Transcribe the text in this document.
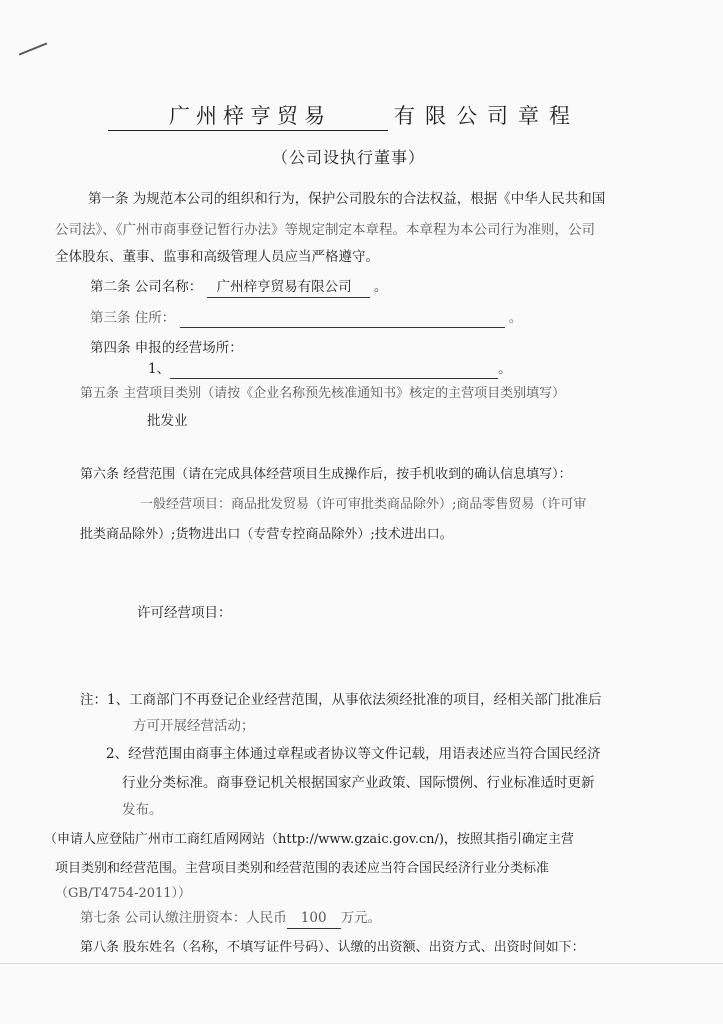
广州梓亨贸易	有限公司章程
（公司设执行董事）
第一条 为规范本公司的组织和行为，保护公司股东的合法权益，根据《中华人民共和国
公司法》、《广州市商事登记暂行办法》等规定制定本章程。本章程为本公司行为准则，公司
全体股东、董事、监事和高级管理人员应当严格遵守。
第二条 公司名称： 广州梓亨贸易有限公司 。
第三条 住所：	。
第四条 申报的经营场所：
1、	。
第五条 主营项目类别（请按《企业名称预先核准通知书》核定的主营项目类别填写）
批发业
第六条 经营范围（请在完成具体经营项目生成操作后，按手机收到的确认信息填写）：
一般经营项目：商品批发贸易（许可审批类商品除外）;商品零售贸易（许可审
批类商品除外）;货物进出口（专营专控商品除外）;技术进出口。
许可经营项目：
注：1、工商部门不再登记企业经营范围，从事依法须经批准的项目，经相关部门批准后
方可开展经营活动；
2、经营范围由商事主体通过章程或者协议等文件记载，用语表述应当符合国民经济
行业分类标准。商事登记机关根据国家产业政策、国际惯例、行业标准适时更新
发布。
（申请人应登陆广州市工商红盾网网站（http://www.gzaic.gov.cn/)，按照其指引确定主营
项目类别和经营范围。主营项目类别和经营范围的表述应当符合国民经济行业分类标准
（GB/T4754-2011））
第七条 公司认缴注册资本：人民币 100 万元。
第八条 股东姓名（名称，不填写证件号码）、认缴的出资额、出资方式、出资时间如下：
